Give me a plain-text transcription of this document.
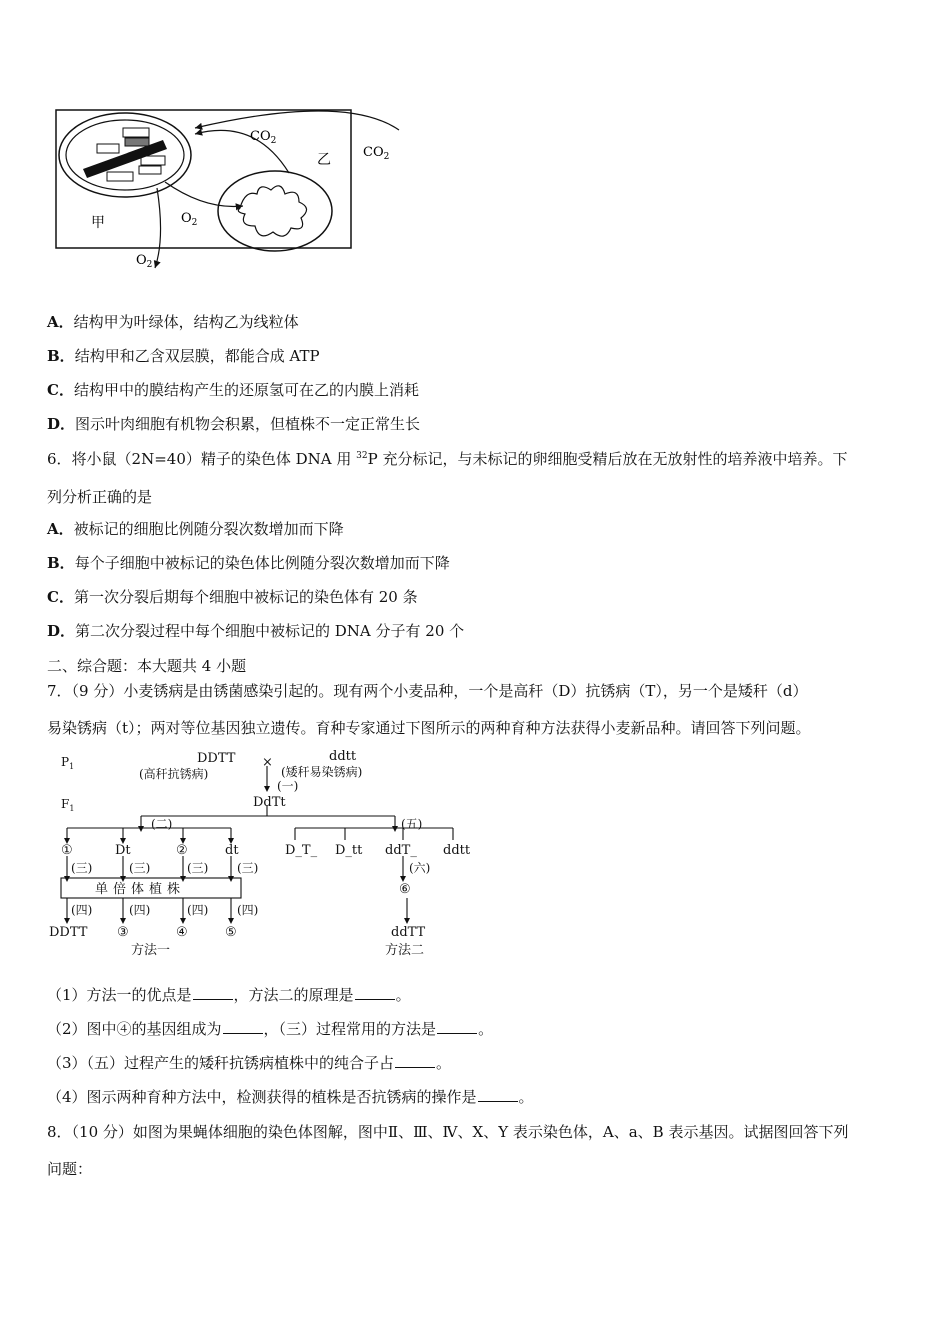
甲
乙
$CO_2$
$CO_2$
$O_2$
$O_2$
A．结构甲为叶绿体，结构乙为线粒体
B．结构甲和乙含双层膜，都能合成 ATP
C．结构甲中的膜结构产生的还原氢可在乙的内膜上消耗
D．图示叶肉细胞有机物会积累，但植株不一定正常生长
6．将小鼠（2N=40）精子的染色体 DNA 用 $^{32}$P 充分标记，与未标记的卵细胞受精后放在无放射性的培养液中培养。下
列分析正确的是
A．被标记的细胞比例随分裂次数增加而下降
B．每个子细胞中被标记的染色体比例随分裂次数增加而下降
C．第一次分裂后期每个细胞中被标记的染色体有 20 条
D．第二次分裂过程中每个细胞中被标记的 DNA 分子有 20 个
二、综合题：本大题共 4 小题
7．（9 分）小麦锈病是由锈菌感染引起的。现有两个小麦品种，一个是高秆（D）抗锈病（T），另一个是矮秆（d）
易染锈病（t）；两对等位基因独立遗传。育种专家通过下图所示的两种育种方法获得小麦新品种。请回答下列问题。
$P_1$
$F_1$
DDTT
(高秆抗锈病)
×	ddtt
(矮秆易染锈病)
(一)
DdTt
(二)	(五)
①	Dt	②	dt
(三)	(三)	(三) (三)
单倍体植株
(四)	(四)	(四) (四)
DDTT ③	④	⑤
方法一
D_T_ D_tt ddT_ ddtt
(六)
⑥
ddTT
方法二
（1）方法一的优点是	，方法二的原理是	。
（2）图中④的基因组成为	，（三）过程常用的方法是	。
（3）（五）过程产生的矮秆抗锈病植株中的纯合子占	。
（4）图示两种育种方法中，检测获得的植株是否抗锈病的操作是	。
8．（10 分）如图为果蝇体细胞的染色体图解，图中Ⅱ、Ⅲ、Ⅳ、X、Y 表示染色体，A、a、B 表示基因。试据图回答下列
问题：
